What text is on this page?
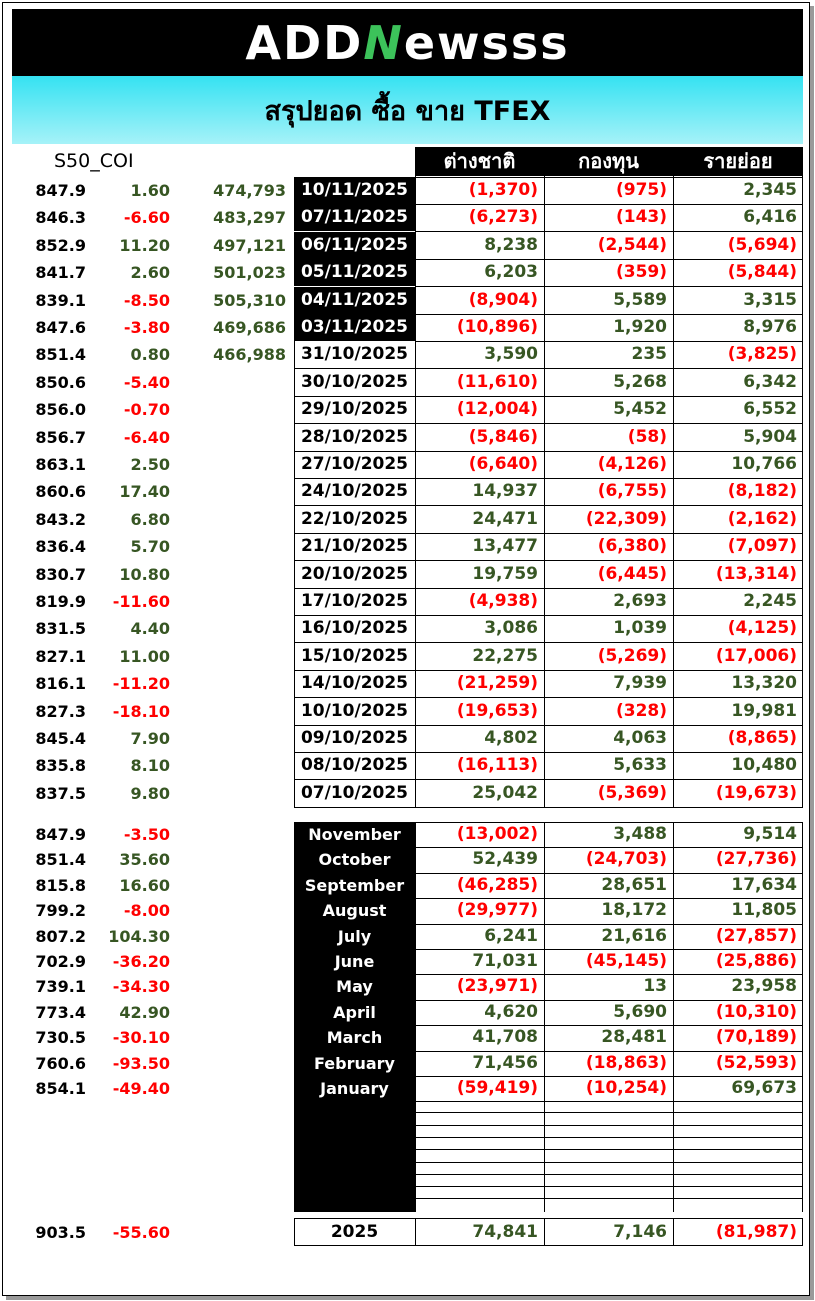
ADD N ewsss
สรุปยอด ซื้อ ขาย TFEX
S50_COI	ต่างชาติ	กองทุน	รายย่อย
847.9	1.60	474,793 10/11/2025	(1,370)	(975)	2,345
846.3	-6.60	483,297 07/11/2025	(6,273)	(143)	6,416
852.9	11.20	497,121 06/11/2025	8,238	(2,544)	(5,694)
841.7	2.60	501,023 05/11/2025	6,203	(359)	(5,844)
839.1	-8.50	505,310 04/11/2025	(8,904)	5,589	3,315
847.6	-3.80	469,686 03/11/2025	(10,896)	1,920	8,976
851.4	0.80	466,988 31/10/2025	3,590	235	(3,825)
850.6	-5.40	30/10/2025	(11,610)	5,268	6,342
856.0	-0.70	29/10/2025	(12,004)	5,452	6,552
856.7	-6.40	28/10/2025	(5,846)	(58)	5,904
863.1	2.50	27/10/2025	(6,640)	(4,126)	10,766
860.6	17.40	24/10/2025	14,937	(6,755)	(8,182)
843.2	6.80	22/10/2025	24,471	(22,309)	(2,162)
836.4	5.70	21/10/2025	13,477	(6,380)	(7,097)
830.7	10.80	20/10/2025	19,759	(6,445)	(13,314)
819.9	-11.60	17/10/2025	(4,938)	2,693	2,245
831.5	4.40	16/10/2025	3,086	1,039	(4,125)
827.1	11.00	15/10/2025	22,275	(5,269)	(17,006)
816.1	-11.20	14/10/2025	(21,259)	7,939	13,320
827.3	-18.10	10/10/2025	(19,653)	(328)	19,981
845.4	7.90	09/10/2025	4,802	4,063	(8,865)
835.8	8.10	08/10/2025	(16,113)	5,633	10,480
837.5	9.80	07/10/2025	25,042	(5,369)	(19,673)
847.9	-3.50	November	(13,002)	3,488	9,514
851.4	35.60	October	52,439	(24,703)	(27,736)
815.8	16.60	September	(46,285)	28,651	17,634
799.2	-8.00	August	(29,977)	18,172	11,805
807.2	104.30	July	6,241	21,616	(27,857)
702.9	-36.20	June	71,031	(45,145)	(25,886)
739.1	-34.30	May	(23,971)	13	23,958
773.4	42.90	April	4,620	5,690	(10,310)
730.5	-30.10	March	41,708	28,481	(70,189)
760.6	-93.50	February	71,456	(18,863)	(52,593)
854.1	-49.40	January	(59,419)	(10,254)	69,673
903.5	-55.60	2025	74,841	7,146	(81,987)
